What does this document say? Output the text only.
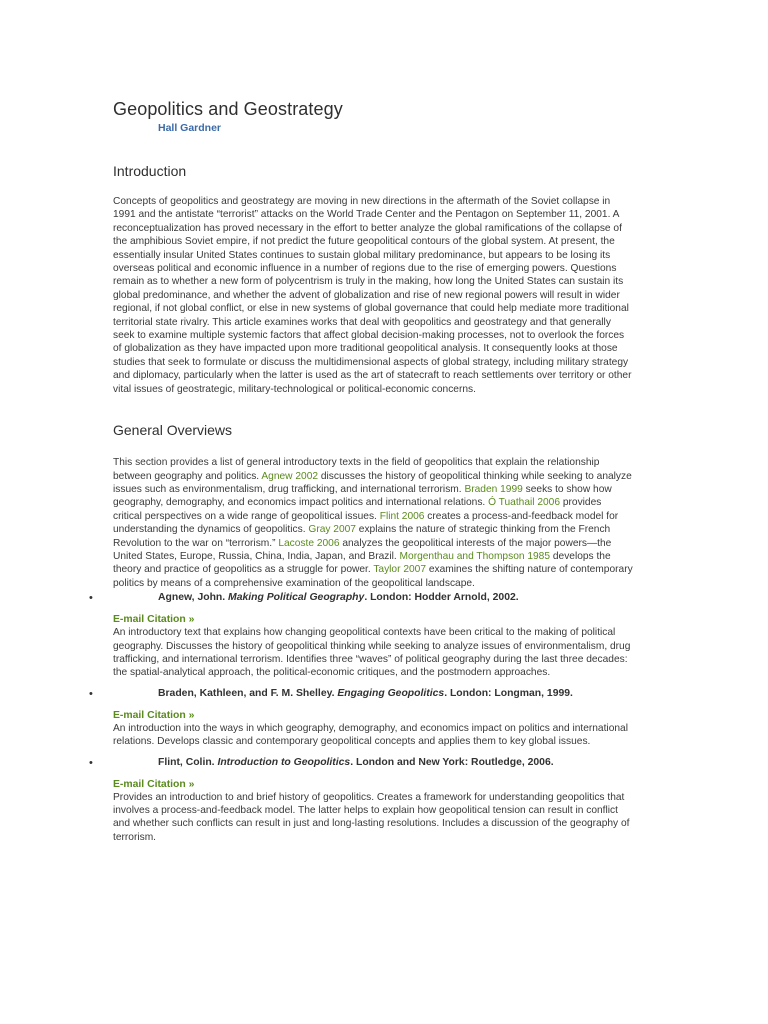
Geopolitics and Geostrategy
Hall Gardner
Introduction

Concepts of geopolitics and geostrategy are moving in new directions in the aftermath of the Soviet collapse in 1991 and the antistate “terrorist” attacks on the World Trade Center and the Pentagon on September 11, 2001. A reconceptualization has proved necessary in the effort to better analyze the global ramifications of the collapse of the amphibious Soviet empire, if not predict the future geopolitical contours of the global system. At present, the essentially insular United States continues to sustain global military predominance, but appears to be losing its overseas political and economic influence in a number of regions due to the rise of emerging powers. Questions remain as to whether a new form of polycentrism is truly in the making, how long the United States can sustain its global predominance, and whether the advent of globalization and rise of new regional powers will result in wider regional, if not global conflict, or else in new systems of global governance that could help mediate more traditional territorial state rivalry. This article examines works that deal with geopolitics and geostrategy and that generally seek to examine multiple systemic factors that affect global decision-making processes, not to overlook the forces of globalization as they have impacted upon more traditional geopolitical analysis. It consequently looks at those studies that seek to formulate or discuss the multidimensional aspects of global strategy, including military strategy and diplomacy, particularly when the latter is used as the art of statecraft to reach settlements over territory or other vital issues of geostrategic, military-technological or political-economic concerns.

General Overviews

This section provides a list of general introductory texts in the field of geopolitics that explain the relationship between geography and politics. Agnew 2002 discusses the history of geopolitical thinking while seeking to analyze issues such as environmentalism, drug trafficking, and international terrorism. Braden 1999 seeks to show how geography, demography, and economics impact politics and international relations. Ó Tuathail 2006 provides critical perspectives on a wide range of geopolitical issues. Flint 2006 creates a process-and-feedback model for understanding the dynamics of geopolitics. Gray 2007 explains the nature of strategic thinking from the French Revolution to the war on “terrorism.” Lacoste 2006 analyzes the geopolitical interests of the major powers—the United States, Europe, Russia, China, India, Japan, and Brazil. Morgenthau and Thompson 1985 develops the theory and practice of geopolitics as a struggle for power. Taylor 2007 examines the shifting nature of contemporary politics by means of a comprehensive examination of the geopolitical landscape.

•	Agnew, John. Making Political Geography. London: Hodder Arnold, 2002.
E-mail Citation »

An introductory text that explains how changing geopolitical contexts have been critical to the making of political geography. Discusses the history of geopolitical thinking while seeking to analyze issues of environmentalism, drug trafficking, and international terrorism. Identifies three “waves” of political geography during the last three decades: the spatial-analytical approach, the political-economic critiques, and the postmodern approaches.

•	Braden, Kathleen, and F. M. Shelley. Engaging Geopolitics. London: Longman, 1999.
E-mail Citation »

An introduction into the ways in which geography, demography, and economics impact on politics and international relations. Develops classic and contemporary geopolitical concepts and applies them to key global issues.

•	Flint, Colin. Introduction to Geopolitics. London and New York: Routledge, 2006.
E-mail Citation »

Provides an introduction to and brief history of geopolitics. Creates a framework for understanding geopolitics that involves a process-and-feedback model. The latter helps to explain how geopolitical tension can result in conflict and whether such conflicts can result in just and long-lasting resolutions. Includes a discussion of the geography of terrorism.
